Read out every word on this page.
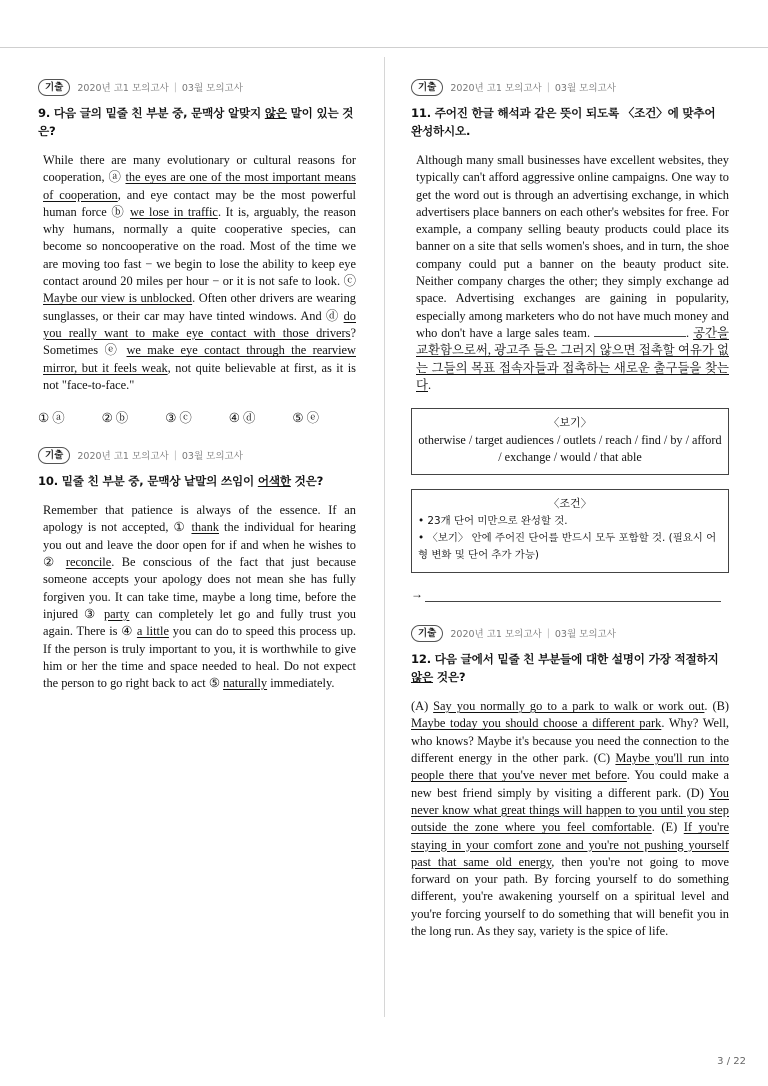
기출	2020년 고1 모의고사 | 03월 모의고사
9. 다음 글의 밑줄 친 부분 중, 문맥상 알맞지 않은 말이 있는 것은?
While there are many evolutionary or cultural reasons for cooperation, ⓐ the eyes are one of the most important means of cooperation, and eye contact may be the most powerful human force ⓑ we lose in traffic. It is, arguably, the reason why humans, normally a quite cooperative species, can become so noncooperative on the road. Most of the time we are moving too fast − we begin to lose the ability to keep eye contact around 20 miles per hour − or it is not safe to look. ⓒ Maybe our view is unblocked. Often other drivers are wearing sunglasses, or their car may have tinted windows. And ⓓ do you really want to make eye contact with those drivers? Sometimes ⓔ we make eye contact through the rearview mirror, but it feels weak, not quite believable at first, as it is not "face-to-face."
① ⓐ	② ⓑ	③ ⓒ	④ ⓓ	⑤ ⓔ
기출	2020년 고1 모의고사 | 03월 모의고사
10. 밑줄 친 부분 중, 문맥상 낱말의 쓰임이 어색한 것은?
Remember that patience is always of the essence. If an apology is not accepted, ① thank the individual for hearing you out and leave the door open for if and when he wishes to ② reconcile. Be conscious of the fact that just because someone accepts your apology does not mean she has fully forgiven you. It can take time, maybe a long time, before the injured ③ party can completely let go and fully trust you again. There is ④ a little you can do to speed this process up. If the person is truly important to you, it is worthwhile to give him or her the time and space needed to heal. Do not expect the person to go right back to act ⑤ naturally immediately.
기출	2020년 고1 모의고사 | 03월 모의고사
11. 주어진 한글 해석과 같은 뜻이 되도록 〈조건〉에 맞추어 완성하시오.
Although many small businesses have excellent websites, they typically can't afford aggressive online campaigns. One way to get the word out is through an advertising exchange, in which advertisers place banners on each other's websites for free. For example, a company selling beauty products could place its banner on a site that sells women's shoes, and in turn, the shoe company could put a banner on the beauty product site. Neither company charges the other; they simply exchange ad space. Advertising exchanges are gaining in popularity, especially among marketers who do not have much money and who don't have a large sales team.	. 공간을 교환함으로써, 광고주 들은 그러지 않으면 접촉할 여유가 없는 그들의 목표 접속자들과 접촉하는 새로운 출구들을 찾는다.
〈보기〉
otherwise / target audiences / outlets / reach / find / by / afford / exchange / would / that able
〈조건〉
• 23개 단어 미만으로 완성할 것.
• 〈보기〉 안에 주어진 단어를 반드시 모두 포함할 것. (필요시 어형 변화 및 단어 추가 가능)
→
기출	2020년 고1 모의고사 | 03월 모의고사
12. 다음 글에서 밑줄 친 부분들에 대한 설명이 가장 적절하지 않은 것은?
(A) Say you normally go to a park to walk or work out. (B) Maybe today you should choose a different park. Why? Well, who knows? Maybe it's because you need the connection to the different energy in the other park. (C) Maybe you'll run into people there that you've never met before. You could make a new best friend simply by visiting a different park. (D) You never know what great things will happen to you until you step outside the zone where you feel comfortable. (E) If you're staying in your comfort zone and you're not pushing yourself past that same old energy, then you're not going to move forward on your path. By forcing yourself to do something different, you're awakening yourself on a spiritual level and you're forcing yourself to do something that will benefit you in the long run. As they say, variety is the spice of life.
3 / 22
